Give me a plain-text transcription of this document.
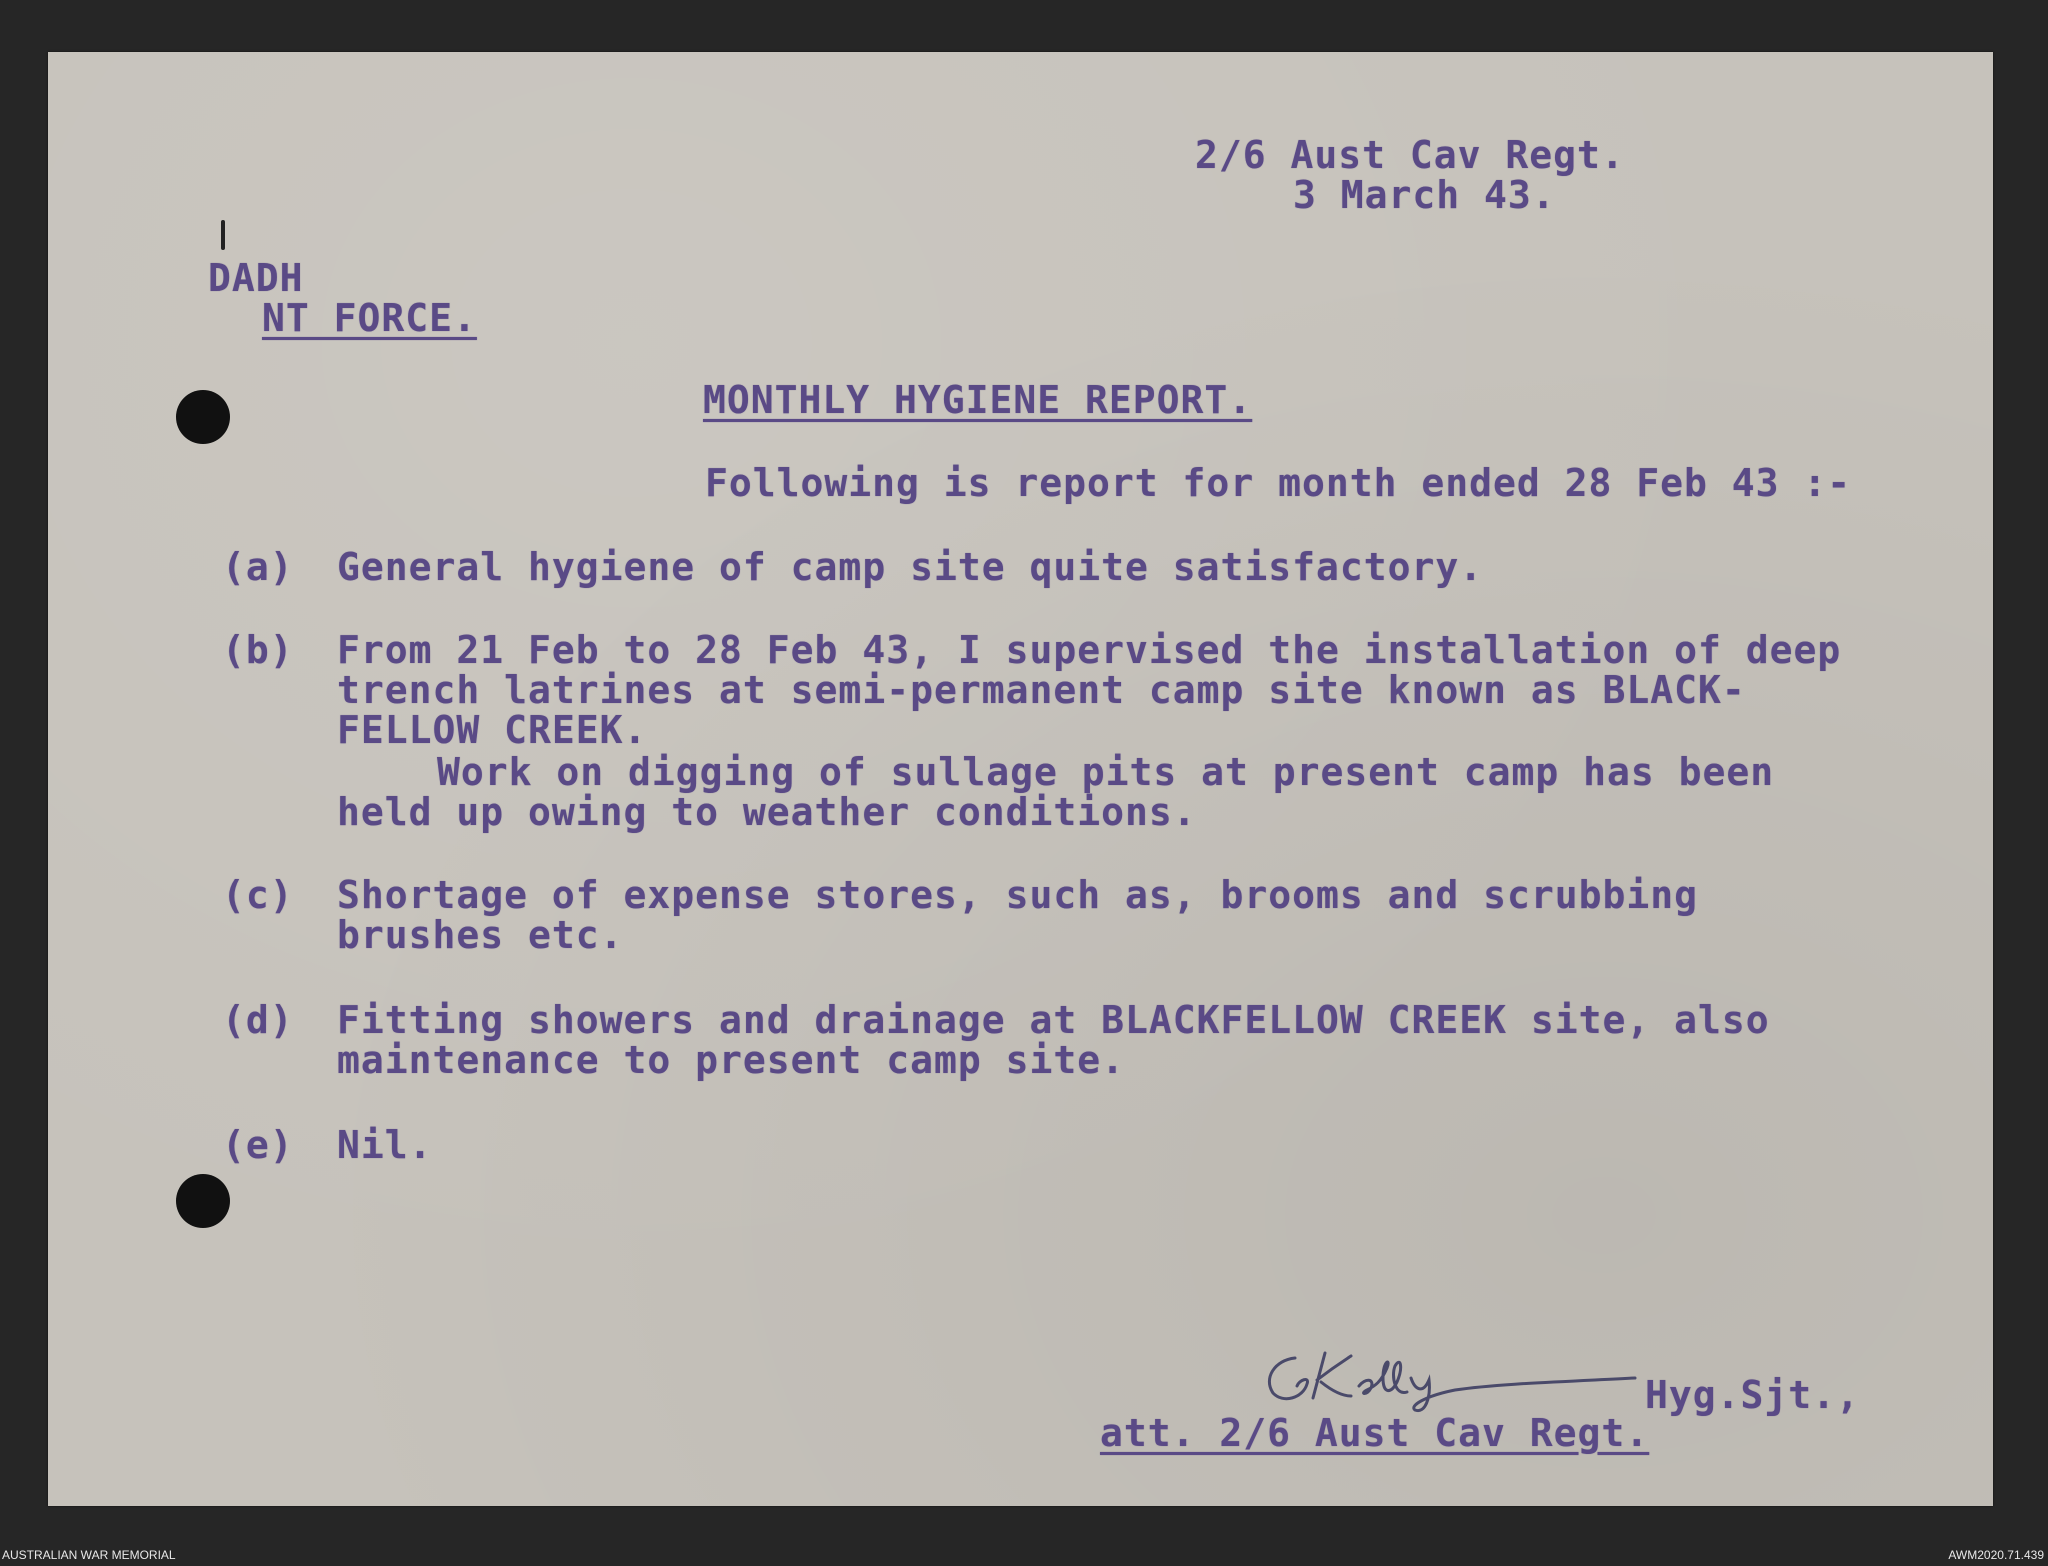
2/6 Aust Cav Regt.
3 March 43.
DADH
NT FORCE.
MONTHLY HYGIENE REPORT.
Following is report for month ended 28 Feb 43 :-
(a) General hygiene of camp site quite satisfactory.
(b) From 21 Feb to 28 Feb 43, I supervised the installation of deep
trench latrines at semi-permanent camp site known as BLACK-
FELLOW CREEK.
Work on digging of sullage pits at present camp has been
held up owing to weather conditions.
(c) Shortage of expense stores, such as, brooms and scrubbing
brushes etc.
(d) Fitting showers and drainage at BLACKFELLOW CREEK site, also
maintenance to present camp site.
(e) Nil.
Hyg.Sjt.,
att. 2/6 Aust Cav Regt.
AUSTRALIAN WAR MEMORIAL	AWM2020.71.439
